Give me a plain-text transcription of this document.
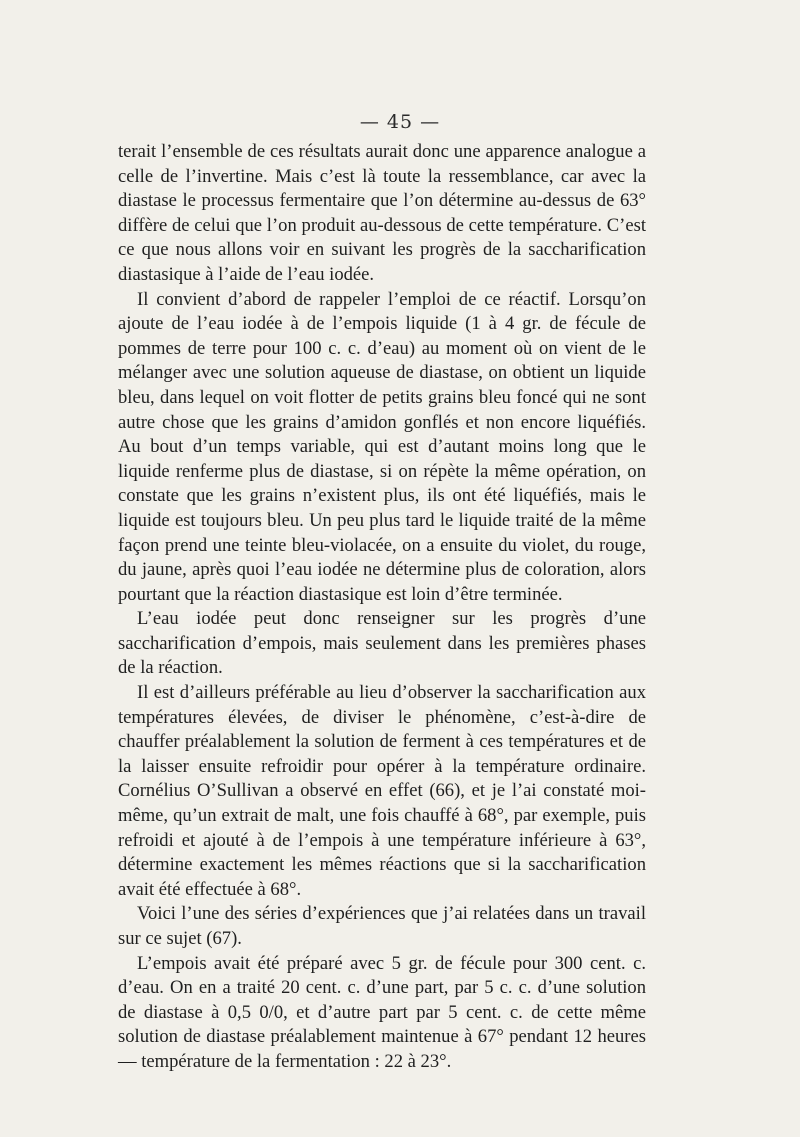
— 45 —

terait l’ensemble de ces résultats aurait donc une apparence analogue a celle de l’invertine. Mais c’est là toute la ressemblance, car avec la diastase le processus fermentaire que l’on détermine au-dessus de 63° diffère de celui que l’on produit au-dessous de cette température. C’est ce que nous allons voir en suivant les progrès de la saccharification diastasique à l’aide de l’eau iodée.

Il convient d’abord de rappeler l’emploi de ce réactif. Lorsqu’on ajoute de l’eau iodée à de l’empois liquide (1 à 4 gr. de fécule de pommes de terre pour 100 c. c. d’eau) au moment où on vient de le mélanger avec une solution aqueuse de diastase, on obtient un liquide bleu, dans lequel on voit flotter de petits grains bleu foncé qui ne sont autre chose que les grains d’amidon gonflés et non encore liquéfiés. Au bout d’un temps variable, qui est d’autant moins long que le liquide renferme plus de diastase, si on répète la même opération, on constate que les grains n’existent plus, ils ont été liquéfiés, mais le liquide est toujours bleu. Un peu plus tard le liquide traité de la même façon prend une teinte bleu-violacée, on a ensuite du violet, du rouge, du jaune, après quoi l’eau iodée ne détermine plus de coloration, alors pourtant que la réaction diastasique est loin d’être terminée.

L’eau iodée peut donc renseigner sur les progrès d’une saccharification d’empois, mais seulement dans les premières phases de la réaction.

Il est d’ailleurs préférable au lieu d’observer la saccharification aux températures élevées, de diviser le phénomène, c’est-à-dire de chauffer préalablement la solution de ferment à ces températures et de la laisser ensuite refroidir pour opérer à la température ordinaire. Cornélius O’Sullivan a observé en effet (66), et je l’ai constaté moi-même, qu’un extrait de malt, une fois chauffé à 68°, par exemple, puis refroidi et ajouté à de l’empois à une température inférieure à 63°, détermine exactement les mêmes réactions que si la saccharification avait été effectuée à 68°.

Voici l’une des séries d’expériences que j’ai relatées dans un travail sur ce sujet (67).

L’empois avait été préparé avec 5 gr. de fécule pour 300 cent. c. d’eau. On en a traité 20 cent. c. d’une part, par 5 c. c. d’une solution de diastase à 0,5 0/0, et d’autre part par 5 cent. c. de cette même solution de diastase préalablement maintenue à 67° pendant 12 heures — température de la fermentation : 22 à 23°.
